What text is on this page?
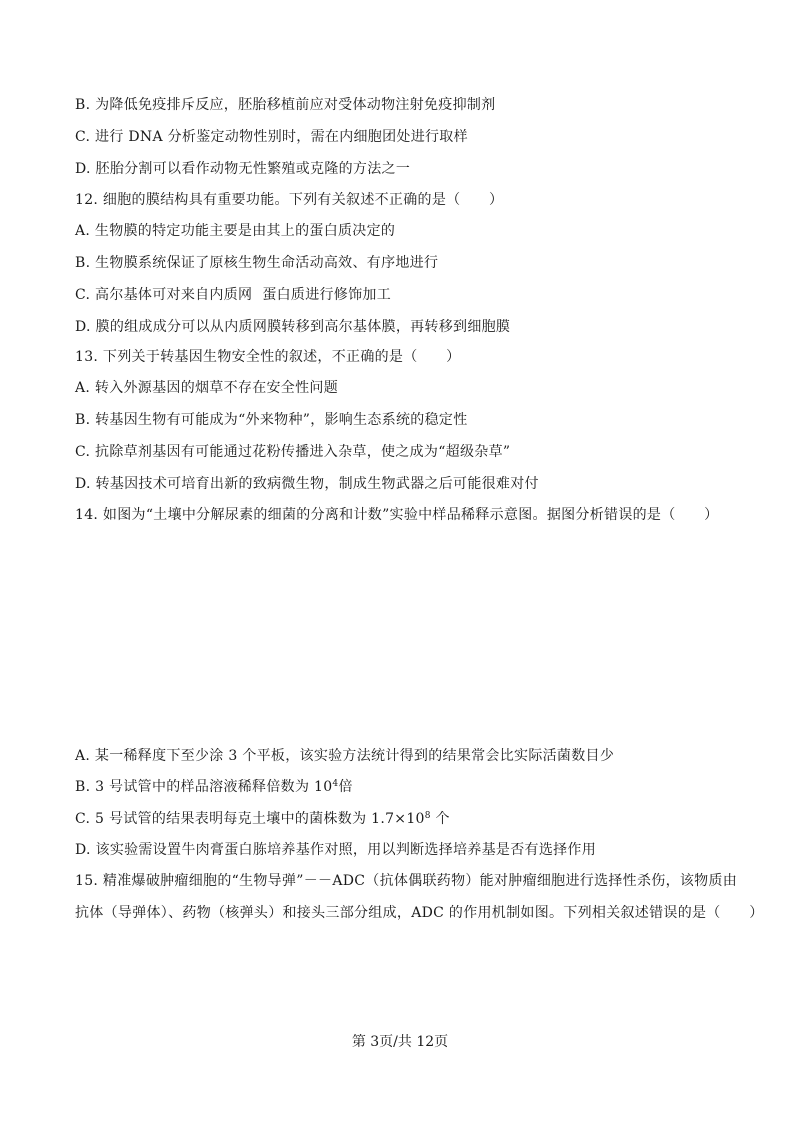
B. 为降低免疫排斥反应，胚胎移植前应对受体动物注射免疫抑制剂
C. 进行 DNA 分析鉴定动物性别时，需在内细胞团处进行取样
D. 胚胎分割可以看作动物无性繁殖或克隆的方法之一
12. 细胞的膜结构具有重要功能。下列有关叙述不正确的是（　　）
A. 生物膜的特定功能主要是由其上的蛋白质决定的
B. 生物膜系统保证了原核生物生命活动高效、有序地进行
C. 高尔基体可对来自内质网 蛋白质进行修饰加工
D. 膜的组成成分可以从内质网膜转移到高尔基体膜，再转移到细胞膜
13. 下列关于转基因生物安全性的叙述，不正确的是（　　）
A. 转入外源基因的烟草不存在安全性问题
B. 转基因生物有可能成为“外来物种”，影响生态系统的稳定性
C. 抗除草剂基因有可能通过花粉传播进入杂草，使之成为“超级杂草”
D. 转基因技术可培育出新的致病微生物，制成生物武器之后可能很难对付
14. 如图为“土壤中分解尿素的细菌的分离和计数”实验中样品稀释示意图。据图分析错误的是（　　）
A. 某一稀释度下至少涂 3 个平板，该实验方法统计得到的结果常会比实际活菌数目少
B. 3 号试管中的样品溶液稀释倍数为 $10^4$倍
C. 5 号试管的结果表明每克土壤中的菌株数为 $1.7\times 10^8$ 个
D. 该实验需设置牛肉膏蛋白胨培养基作对照，用以判断选择培养基是否有选择作用
15. 精准爆破肿瘤细胞的“生物导弹”－－ADC（抗体偶联药物）能对肿瘤细胞进行选择性杀伤，该物质由
抗体（导弹体）、药物（核弹头）和接头三部分组成，ADC 的作用机制如图。下列相关叙述错误的是（　　）
第 3页/共 12页
